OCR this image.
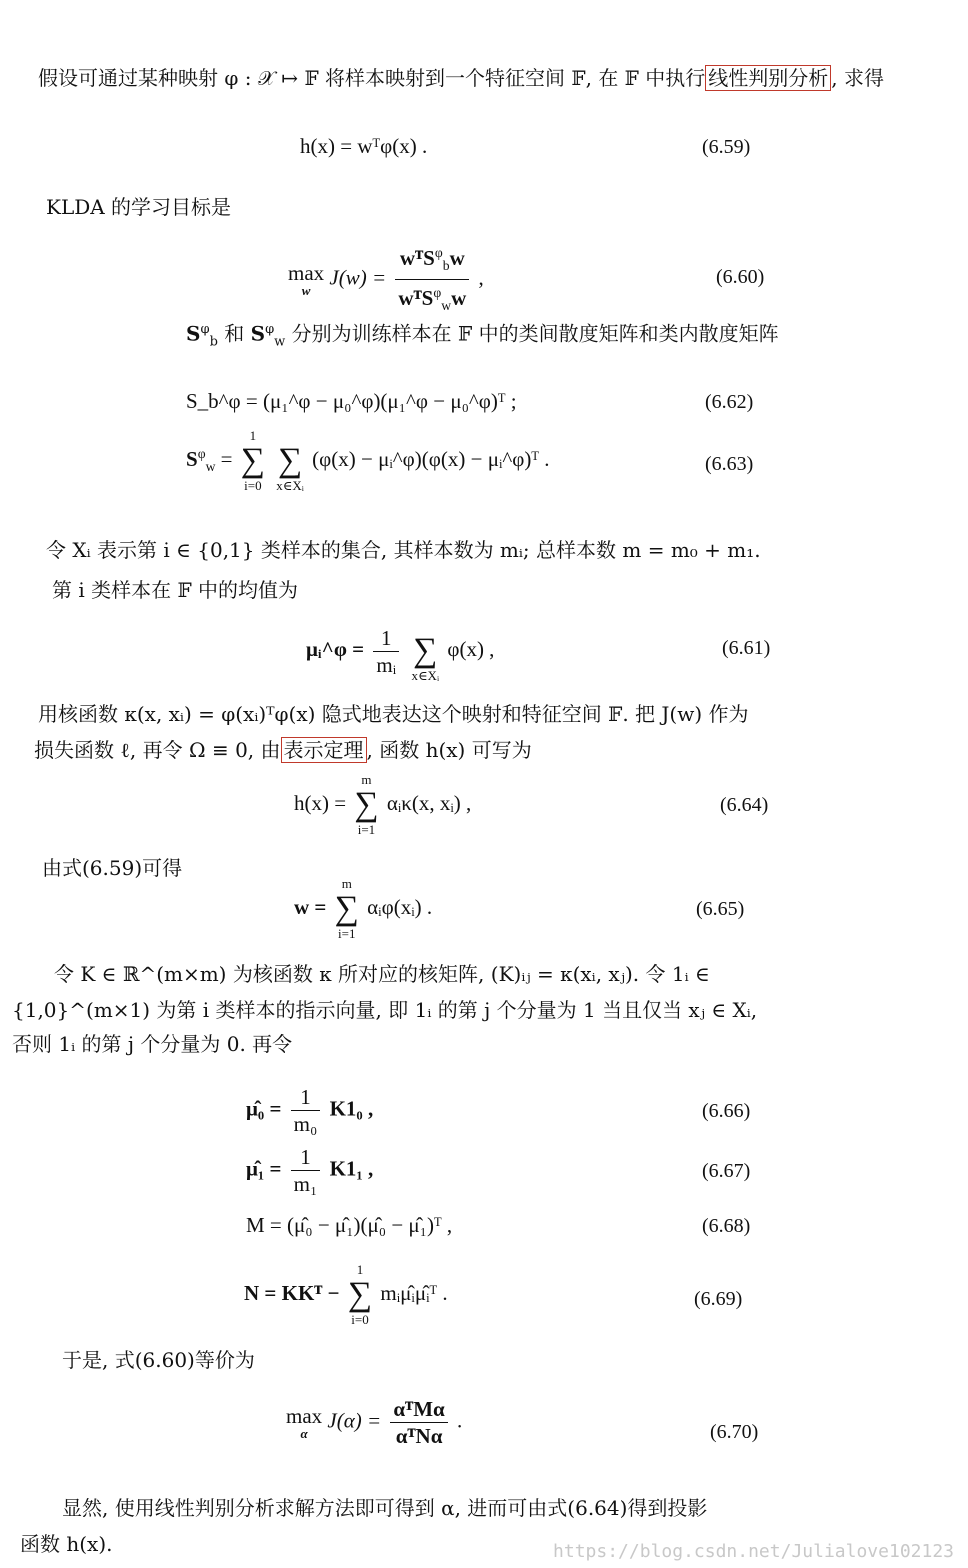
假设可通过某种映射 φ : 𝒳 ↦ 𝔽 将样本映射到一个特征空间 𝔽, 在 𝔽 中执行 线性判别分析 , 求得
h(x) = wᵀφ(x) .	(6.59)
KLDA 的学习目标是
max
w
$J(w) = \frac{wᵀS^\varphi_bw}{wᵀS^\varphi_ww}$ ,	(6.60)
$S^\varphi_b$ 和 $S^\varphi_w$ 分别为训练样本在 𝔽 中的类间散度矩阵和类内散度矩阵
S_b^φ = (μ₁^φ − μ₀^φ)(μ₁^φ − μ₀^φ)ᵀ ;	(6.62)
$S^\varphi_w$ =
1
∑
i=0

∑
x∈Xᵢ
(φ(x) − μᵢ^φ)(φ(x) − μᵢ^φ)ᵀ .	(6.63)
令 Xᵢ 表示第 i ∈ {0,1} 类样本的集合, 其样本数为 mᵢ; 总样本数 m = m₀ + m₁.
第 i 类样本在 𝔽 中的均值为
μᵢ^φ = $\frac{1}{\text{mᵢ}}$

∑
x∈Xᵢ
φ(x) ,	(6.61)
用核函数 κ(x, xᵢ) = φ(xᵢ)ᵀφ(x) 隐式地表达这个映射和特征空间 𝔽. 把 J(w) 作为
损失函数 ℓ, 再令 Ω ≡ 0, 由 表示定理 , 函数 h(x) 可写为
h(x) =
m
∑
i=1
αᵢκ(x, xᵢ) ,	(6.64)
由式(6.59)可得
w =
m
∑
i=1
αᵢφ(xᵢ) .	(6.65)
令 K ∈ ℝ^(m×m) 为核函数 κ 所对应的核矩阵, (K)ᵢⱼ = κ(xᵢ, xⱼ). 令 1ᵢ ∈
{1,0}^(m×1) 为第 i 类样本的指示向量, 即 1ᵢ 的第 j 个分量为 1 当且仅当 xⱼ ∈ Xᵢ,
否则 1ᵢ 的第 j 个分量为 0. 再令
μ̂₀ = $\frac{1}{\text{m₀}} K1_0$ ,	(6.66)
μ̂₁ = $\frac{1}{\text{m₁}} K1_1$ ,	(6.67)
M = (μ̂₀ − μ̂₁)(μ̂₀ − μ̂₁)ᵀ ,	(6.68)
N = KKᵀ −
1
∑
i=0
mᵢμ̂ᵢμ̂ᵢᵀ .	(6.69)
于是, 式(6.60)等价为
max
α
$J(\alpha) = \frac{\text{αᵀMα}}{\text{αᵀNα}}$ .	(6.70)
显然, 使用线性判别分析求解方法即可得到 α, 进而可由式(6.64)得到投影
函数 h(x).	https://blog.csdn.net/Julialove102123
